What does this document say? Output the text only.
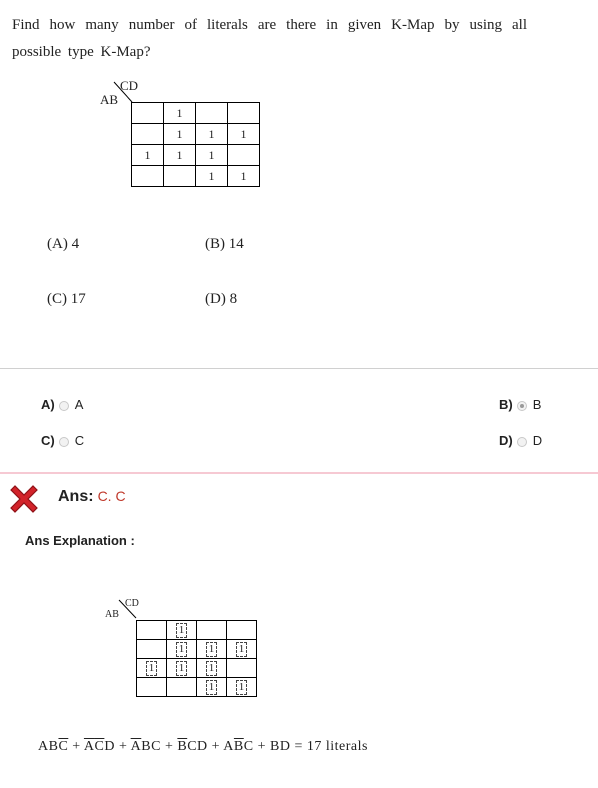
Find how many number of literals are there in given K-Map by using all possible type K-Map?
CD
AB
	1		
	1	1	1
1	1	1	
		1	1
(A) 4	(B) 14
(C) 17	(D) 8
A) A	B) B
C) C	D) D
Ans: C. C
Ans Explanation :
CD
AB
	1		
	1	1	1
1	1	1	
		1	1
$AB\overline{C} + \overline{A}\overline{C}D + \overline{A}BC + \overline{B}CD + A\overline{B}C$ + BD = 17 literals
